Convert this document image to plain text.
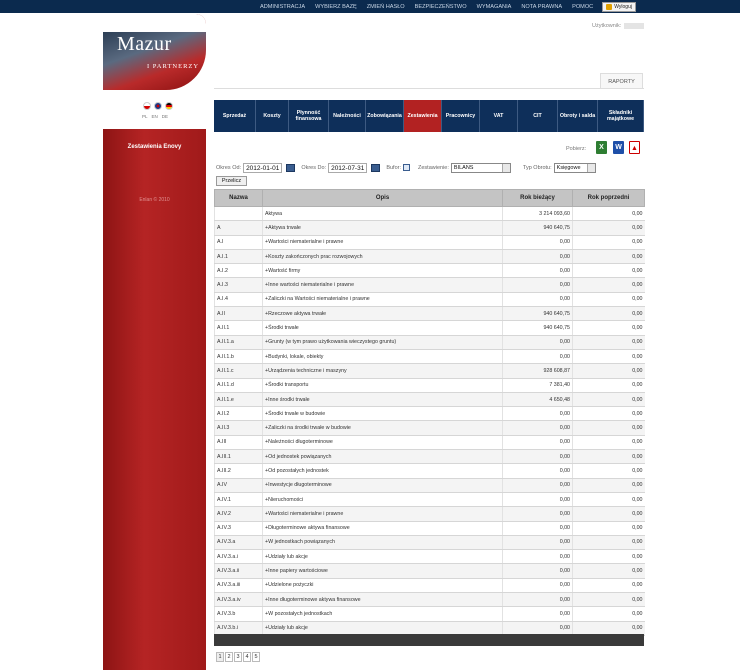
ADMINISTRACJA	WYBIERZ BAZĘ	ZMIEŃ HASŁO	BEZPIECZEŃSTWO	WYMAGANIA	NOTA PRAWNA	POMOC	Wyloguj
Mazur
I PARTNERZY
PL EN DE
Zestawienia Enovy
Enlan © 2010
Użytkownik:
RAPORTY
Sprzedaż	Koszty	Płynność finansowa	Należności	Zobowiązania	Zestawienia	Pracownicy	VAT	CIT	Obroty i salda	Składniki majątkowe
Pobierz:	X	W	▲
Okres Od: 2012-01-01	Okres Do: 2012-07-31	Bufor:	Zestawienie: BILANS	Typ Obrotu: Księgowe
Przelicz
Nazwa	Opis	Rok bieżący	Rok poprzedni
	Aktywa	3 214 093,60	0,00
A	+Aktywa trwałe	940 640,75	0,00
A.I	+Wartości niematerialne i prawne	0,00	0,00
A.I.1	+Koszty zakończonych prac rozwojowych	0,00	0,00
A.I.2	+Wartość firmy	0,00	0,00
A.I.3	+Inne wartości niematerialne i prawne	0,00	0,00
A.I.4	+Zaliczki na Wartości niematerialne i prawne	0,00	0,00
A.II	+Rzeczowe aktywa trwałe	940 640,75	0,00
A.II.1	+Środki trwałe	940 640,75	0,00
A.II.1.a	+Grunty (w tym prawo użytkowania wieczystego gruntu)	0,00	0,00
A.II.1.b	+Budynki, lokale, obiekty	0,00	0,00
A.II.1.c	+Urządzenia techniczne i maszyny	928 608,87	0,00
A.II.1.d	+Środki transportu	7 381,40	0,00
A.II.1.e	+Inne środki trwałe	4 650,48	0,00
A.II.2	+Środki trwałe w budowie	0,00	0,00
A.II.3	+Zaliczki na środki trwałe w budowie	0,00	0,00
A.III	+Należności długoterminowe	0,00	0,00
A.III.1	+Od jednostek powiązanych	0,00	0,00
A.III.2	+Od pozostałych jednostek	0,00	0,00
A.IV	+Inwestycje długoterminowe	0,00	0,00
A.IV.1	+Nieruchomości	0,00	0,00
A.IV.2	+Wartości niematerialne i prawne	0,00	0,00
A.IV.3	+Długoterminowe aktywa finansowe	0,00	0,00
A.IV.3.a	+W jednostkach powiązanych	0,00	0,00
A.IV.3.a.i	+Udziały lub akcje	0,00	0,00
A.IV.3.a.ii	+Inne papiery wartościowe	0,00	0,00
A.IV.3.a.iii	+Udzielone pożyczki	0,00	0,00
A.IV.3.a.iv	+Inne długoterminowe aktywa finansowe	0,00	0,00
A.IV.3.b	+W pozostałych jednostkach	0,00	0,00
A.IV.3.b.i	+Udziały lub akcje	0,00	0,00
1	2	3	4	5
